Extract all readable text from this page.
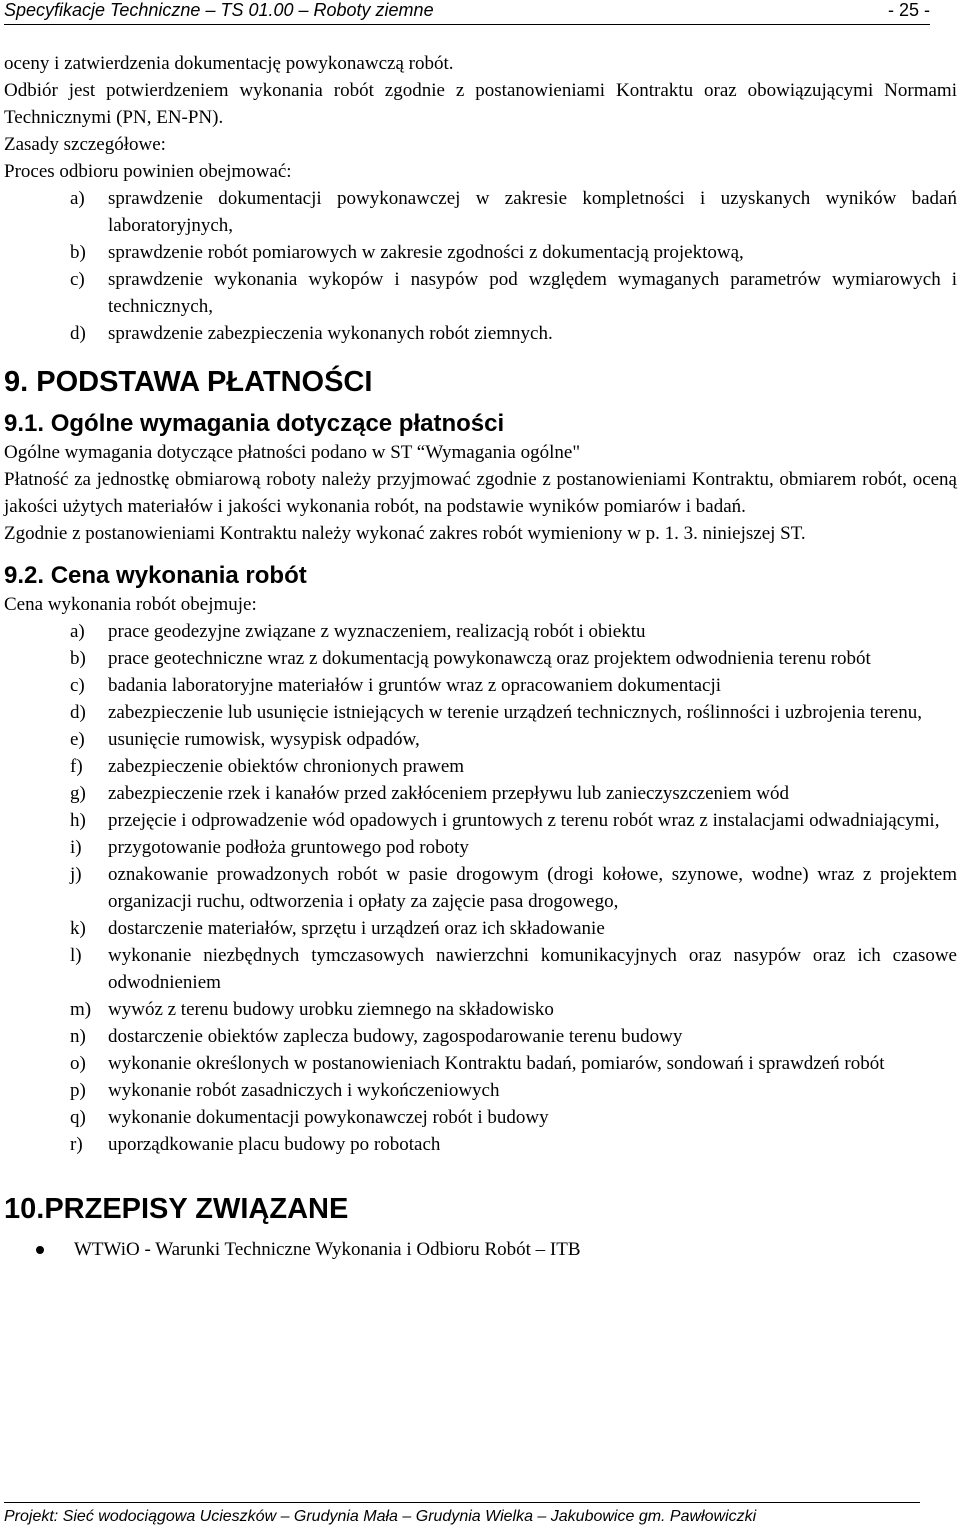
Specyfikacje Techniczne – TS 01.00 – Roboty ziemne	- 25 -

oceny i zatwierdzenia dokumentację powykonawczą robót.

Odbiór jest potwierdzeniem wykonania robót zgodnie z postanowieniami Kontraktu oraz obowiązującymi Normami Technicznymi (PN, EN-PN).

Zasady szczegółowe:

Proces odbioru powinien obejmować:

a) sprawdzenie dokumentacji powykonawczej w zakresie kompletności i uzyskanych wyników badań laboratoryjnych,
b) sprawdzenie robót pomiarowych w zakresie zgodności z dokumentacją projektową,
c) sprawdzenie wykonania wykopów i nasypów pod względem wymaganych parametrów wymiarowych i technicznych,
d) sprawdzenie zabezpieczenia wykonanych robót ziemnych.
9. PODSTAWA PŁATNOŚCI
9.1. Ogólne wymagania dotyczące płatności

Ogólne wymagania dotyczące płatności podano w ST “Wymagania ogólne"

Płatność za jednostkę obmiarową roboty należy przyjmować zgodnie z postanowieniami Kontraktu, obmiarem robót, oceną jakości użytych materiałów i jakości wykonania robót, na podstawie wyników pomiarów i badań.

Zgodnie z postanowieniami Kontraktu należy wykonać zakres robót wymieniony w p. 1. 3. niniejszej ST.

9.2. Cena wykonania robót

Cena wykonania robót obejmuje:

a) prace geodezyjne związane z wyznaczeniem, realizacją robót i obiektu
b) prace geotechniczne wraz z dokumentacją powykonawczą oraz projektem odwodnienia terenu robót
c) badania laboratoryjne materiałów i gruntów wraz z opracowaniem dokumentacji
d) zabezpieczenie lub usunięcie istniejących w terenie urządzeń technicznych, roślinności i uzbrojenia terenu,
e) usunięcie rumowisk, wysypisk odpadów,
f) zabezpieczenie obiektów chronionych prawem
g) zabezpieczenie rzek i kanałów przed zakłóceniem przepływu lub zanieczyszczeniem wód
h) przejęcie i odprowadzenie wód opadowych i gruntowych z terenu robót wraz z instalacjami odwadniającymi,
i) przygotowanie podłoża gruntowego pod roboty
j) oznakowanie prowadzonych robót w pasie drogowym (drogi kołowe, szynowe, wodne) wraz z projektem organizacji ruchu, odtworzenia i opłaty za zajęcie pasa drogowego,
k) dostarczenie materiałów, sprzętu i urządzeń oraz ich składowanie
l) wykonanie niezbędnych tymczasowych nawierzchni komunikacyjnych oraz nasypów oraz ich czasowe odwodnieniem
m) wywóz z terenu budowy urobku ziemnego na składowisko
n) dostarczenie obiektów zaplecza budowy, zagospodarowanie terenu budowy
o) wykonanie określonych w postanowieniach Kontraktu badań, pomiarów, sondowań i sprawdzeń robót
p) wykonanie robót zasadniczych i wykończeniowych
q) wykonanie dokumentacji powykonawczej robót i budowy
r) uporządkowanie placu budowy po robotach
10.PRZEPISY ZWIĄZANE
WTWiO - Warunki Techniczne Wykonania i Odbioru Robót – ITB
Projekt: Sieć wodociągowa Ucieszków – Grudynia Mała – Grudynia Wielka – Jakubowice gm. Pawłowiczki
